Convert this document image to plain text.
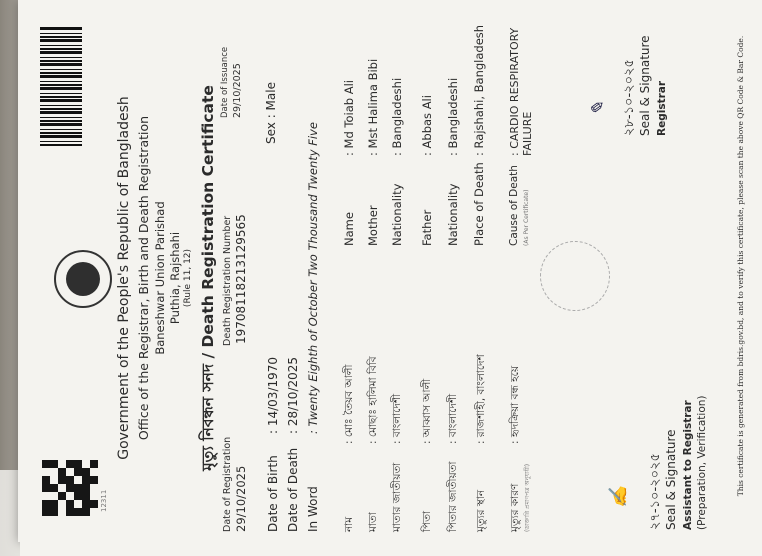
12311
Government of the People's Republic of Bangladesh Office of the Registrar, Birth and Death Registration Baneshwar Union Parishad Puthia, Rajshahi (Rule 11, 12) মৃত্যু নিবন্ধন সনদ / Death Registration Certificate
Date of Registration 29/10/2025
Death Registration Number 19708118213129565
Date of Issuance 29/10/2025
Date of Birth
: 14/03/1970
Date of Death
: 28/10/2025
In Word
: Twenty Eighth of October Two Thousand Twenty Five
Sex : Male
নাম
: মোঃ তৈয়ব আলী
মাতা
: মোছাঃ হালিমা বিবি
মাতার জাতীয়তা
: বাংলাদেশী
পিতা
: আব্বাস আলী
পিতার জাতীয়তা
: বাংলাদেশী
মৃত্যুর স্থান
: রাজশাহী, বাংলাদেশ
মৃত্যুর কারণ
: হৃদক্রিয়া বন্ধ হয়ে
Name
: Md Toiab Ali
Mother
: Mst Halima Bibi
Nationality
: Bangladeshi
Father
: Abbas Ali
Nationality
: Bangladeshi
Place of Death
: Rajshahi, Bangladesh
Cause of Death (As Per Certificate)
: CARDIO RESPIRATORY FAILURE
(ডাক্তারি প্রমাণপত্র অনুযায়ী)	✍ ২৭-১০-২০২৫ Seal & Signature Assistant to Registrar (Preparation, Verification)
✎ ২৮-১০-২০২৫ Seal & Signature Registrar	This certificate is generated from bdris.gov.bd, and to verify this certificate, please scan the above QR Code & Bar Code.
